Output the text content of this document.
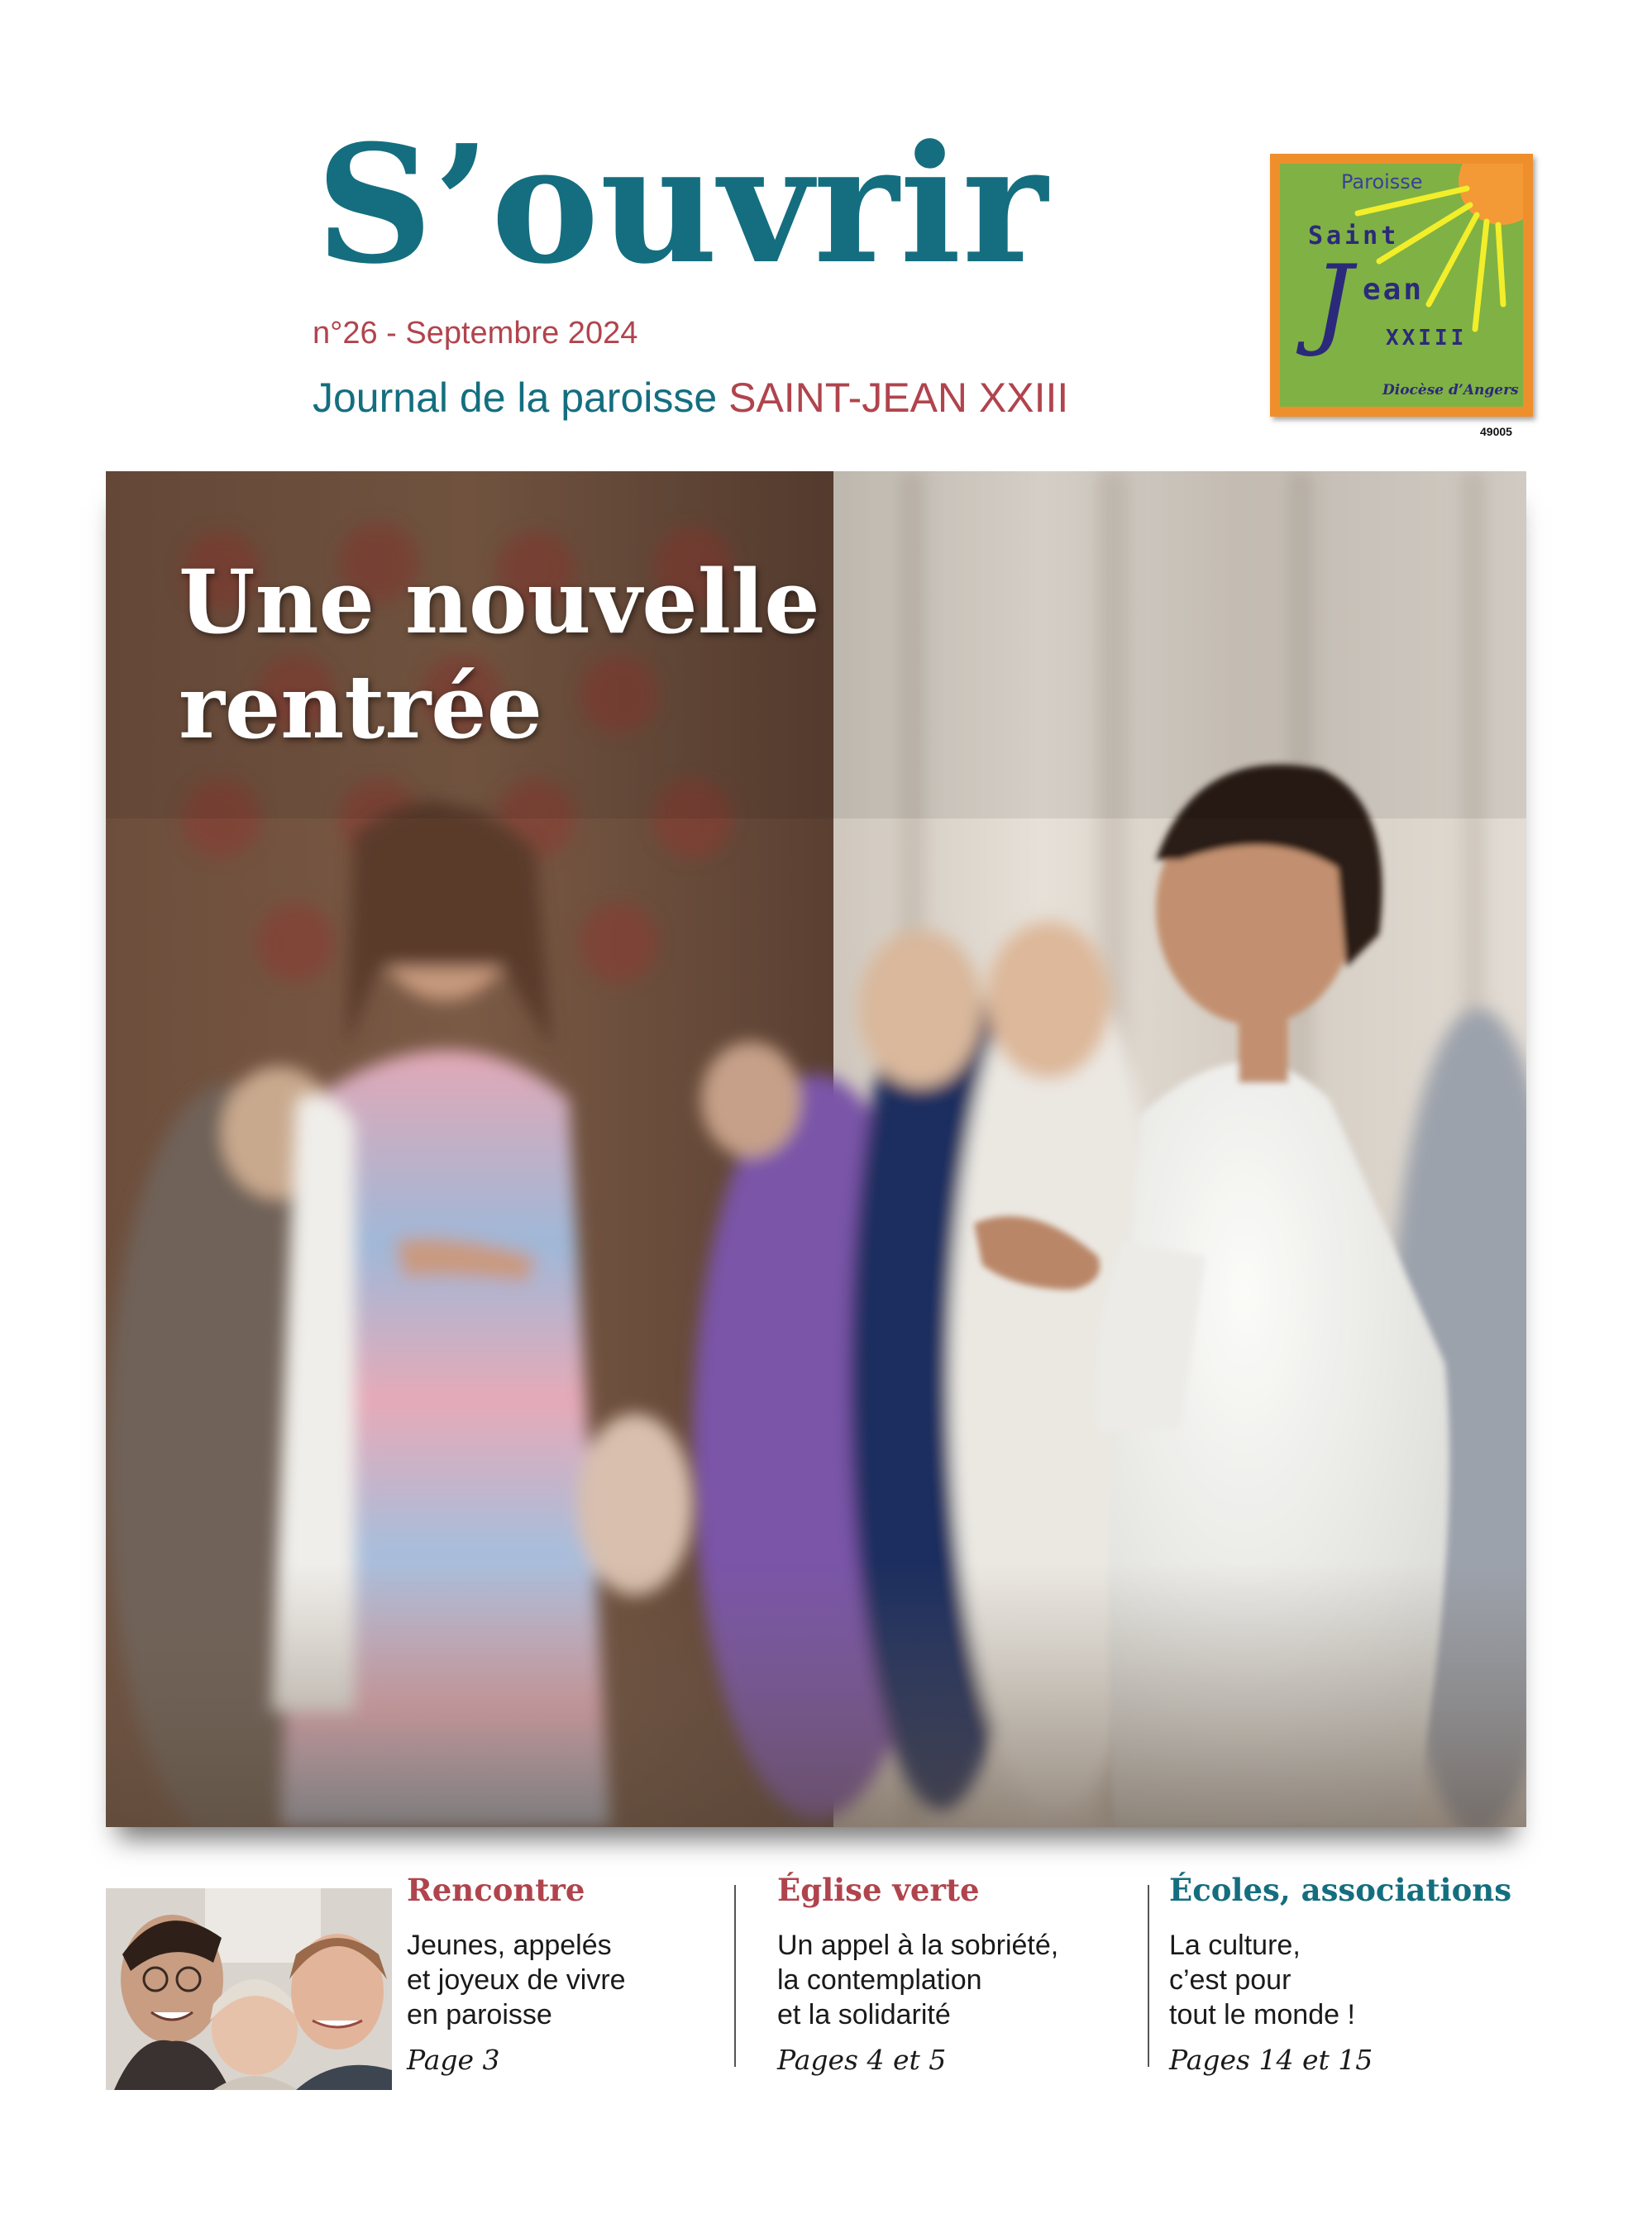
S’ouvrir
n°26 - Septembre 2024
Journal de la paroisse SAINT-JEAN XXIII
Paroisse
Saint
J ean
XXIII
Diocèse d’Angers
49005
Une nouvelle
rentrée
Rencontre
Jeunes, appelés
et joyeux de vivre
en paroisse
Page 3
Église verte
Un appel à la sobriété,
la contemplation
et la solidarité
Pages 4 et 5
Écoles, associations
La culture,
c’est pour
tout le monde !
Pages 14 et 15
